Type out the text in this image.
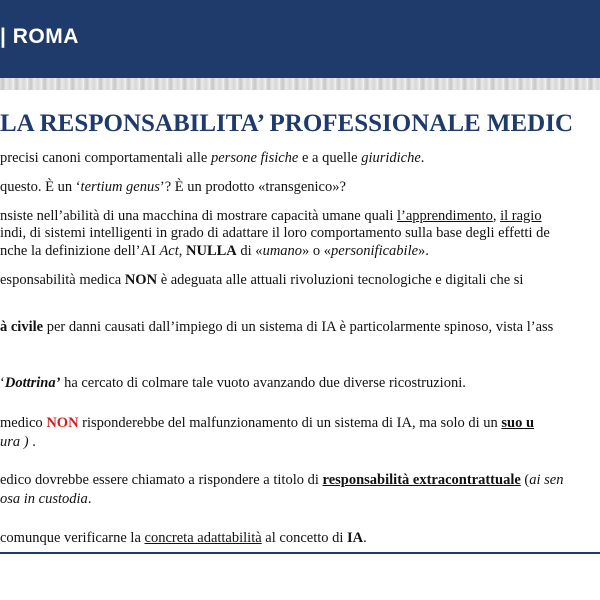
| ROMA
LA RESPONSABILITA’ PROFESSIONALE MEDIC
precisi canoni comportamentali alle persone fisiche e a quelle giuridiche.
questo. È un ‘tertium genus’? È un prodotto «transgenico»?
nsiste nell’abilità di una macchina di mostrare capacità umane quali l’apprendimento, il ragio
indi, di sistemi intelligenti in grado di adattare il loro comportamento sulla base degli effetti de
nche la definizione dell’AI Act, NULLA di «umano» o «personificabile».
esponsabilità medica NON è adeguata alle attuali rivoluzioni tecnologiche e digitali che si
à civile per danni causati dall’impiego di un sistema di IA è particolarmente spinoso, vista l’ass
‘Dottrina’ ha cercato di colmare tale vuoto avanzando due diverse ricostruzioni.
medico NON risponderebbe del malfunzionamento di un sistema di IA, ma solo di un suo u
ura ) .
edico dovrebbe essere chiamato a rispondere a titolo di responsabilità extracontrattuale (ai sen
osa in custodia.
comunque verificarne la concreta adattabilità al concetto di IA.
